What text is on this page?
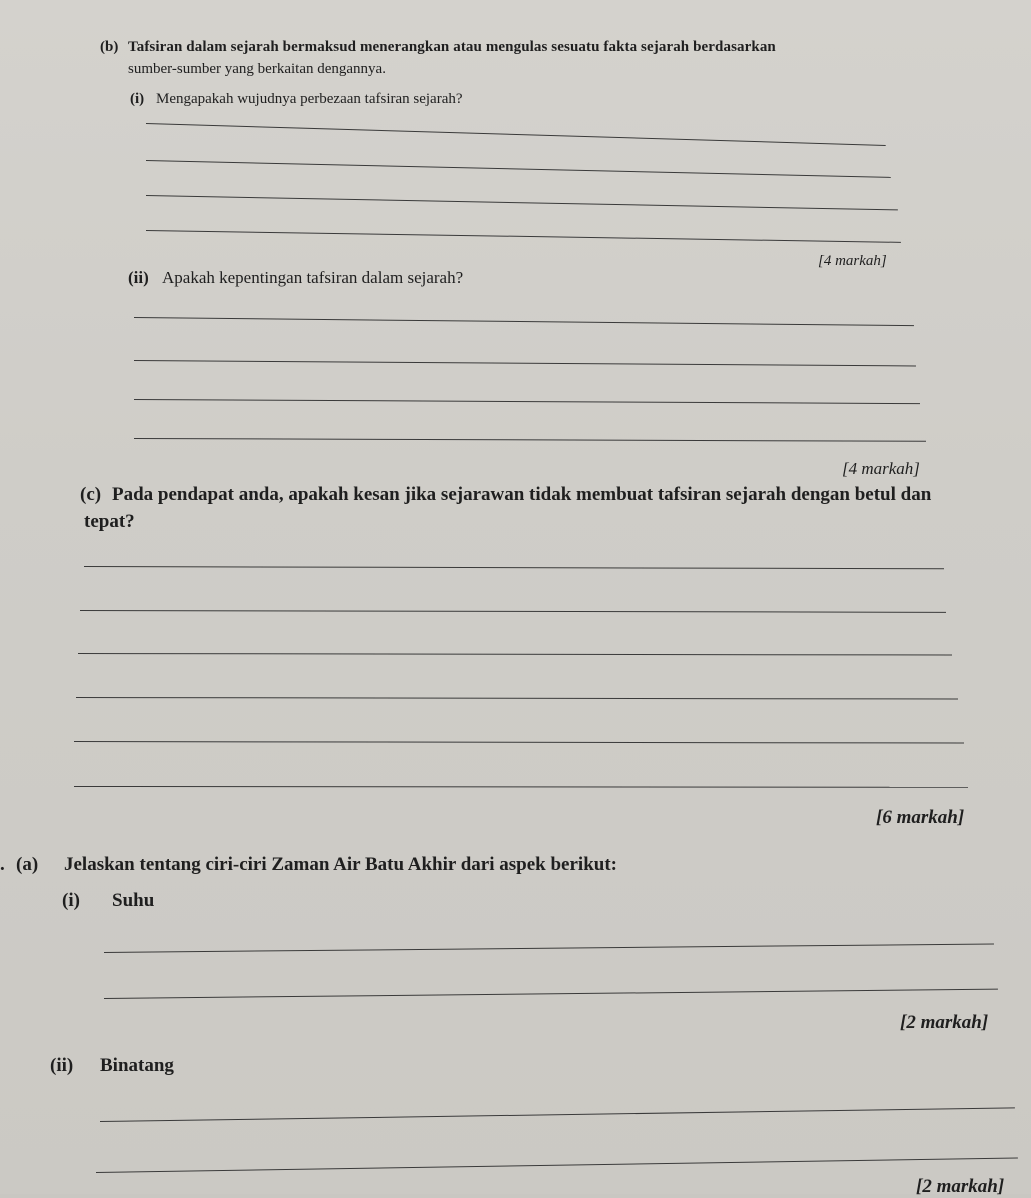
(b) Tafsiran dalam sejarah bermaksud menerangkan atau mengulas sesuatu fakta sejarah berdasarkan
sumber-sumber yang berkaitan dengannya.
(i) Mengapakah wujudnya perbezaan tafsiran sejarah?
[4 markah]
(ii) Apakah kepentingan tafsiran dalam sejarah?
[4 markah]
(c) Pada pendapat anda, apakah kesan jika sejarawan tidak membuat tafsiran sejarah dengan betul dan
tepat?
[6 markah]
. (a) Jelaskan tentang ciri-ciri Zaman Air Batu Akhir dari aspek berikut:
(i) Suhu
[2 markah]
(ii) Binatang
[2 markah]
